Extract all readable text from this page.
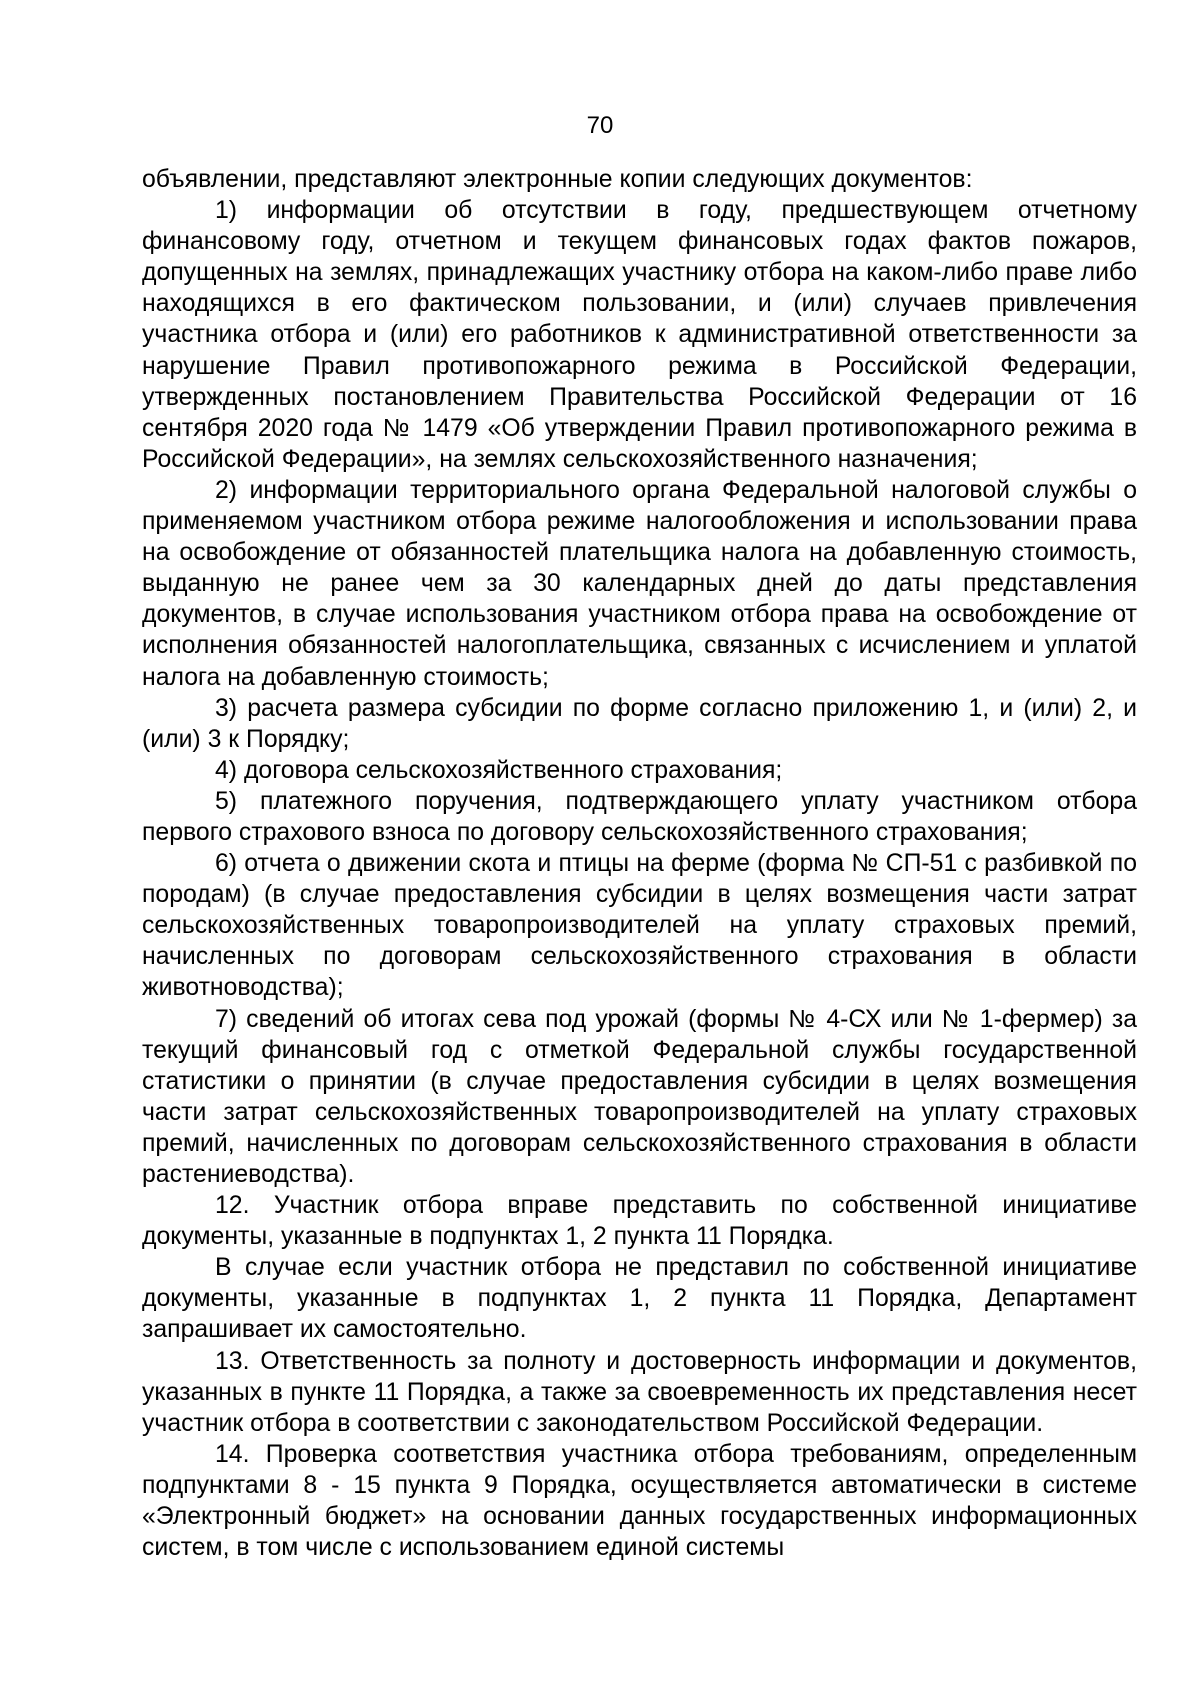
70

объявлении, представляют электронные копии следующих документов:

1) информации об отсутствии в году, предшествующем отчетному финансовому году, отчетном и текущем финансовых годах фактов пожаров, допущенных на землях, принадлежащих участнику отбора на каком-либо праве либо находящихся в его фактическом пользовании, и (или) случаев привлечения участника отбора и (или) его работников к административной ответственности за нарушение Правил противопожарного режима в Российской Федерации, утвержденных постановлением Правительства Российской Федерации от 16 сентября 2020 года № 1479 «Об утверждении Правил противопожарного режима в Российской Федерации», на землях сельскохозяйственного назначения;

2) информации территориального органа Федеральной налоговой службы о применяемом участником отбора режиме налогообложения и использовании права на освобождение от обязанностей плательщика налога на добавленную стоимость, выданную не ранее чем за 30 календарных дней до даты представления документов, в случае использования участником отбора права на освобождение от исполнения обязанностей налогоплательщика, связанных с исчислением и уплатой налога на добавленную стоимость;

3) расчета размера субсидии по форме согласно приложению 1, и (или) 2, и (или) 3 к Порядку;

4) договора сельскохозяйственного страхования;

5) платежного поручения, подтверждающего уплату участником отбора первого страхового взноса по договору сельскохозяйственного страхования;

6) отчета о движении скота и птицы на ферме (форма № СП-51 с разбивкой по породам) (в случае предоставления субсидии в целях возмещения части затрат сельскохозяйственных товаропроизводителей на уплату страховых премий, начисленных по договорам сельскохозяйственного страхования в области животноводства);

7) сведений об итогах сева под урожай (формы № 4-СХ или № 1-фермер) за текущий финансовый год с отметкой Федеральной службы государственной статистики о принятии (в случае предоставления субсидии в целях возмещения части затрат сельскохозяйственных товаропроизводителей на уплату страховых премий, начисленных по договорам сельскохозяйственного страхования в области растениеводства).

12. Участник отбора вправе представить по собственной инициативе документы, указанные в подпунктах 1, 2 пункта 11 Порядка.

В случае если участник отбора не представил по собственной инициативе документы, указанные в подпунктах 1, 2 пункта 11 Порядка, Департамент запрашивает их самостоятельно.

13. Ответственность за полноту и достоверность информации и документов, указанных в пункте 11 Порядка, а также за своевременность их представления несет участник отбора в соответствии с законодательством Российской Федерации.

14. Проверка соответствия участника отбора требованиям, определенным подпунктами 8 - 15 пункта 9 Порядка, осуществляется автоматически в системе «Электронный бюджет» на основании данных государственных информационных систем, в том числе с использованием единой системы
